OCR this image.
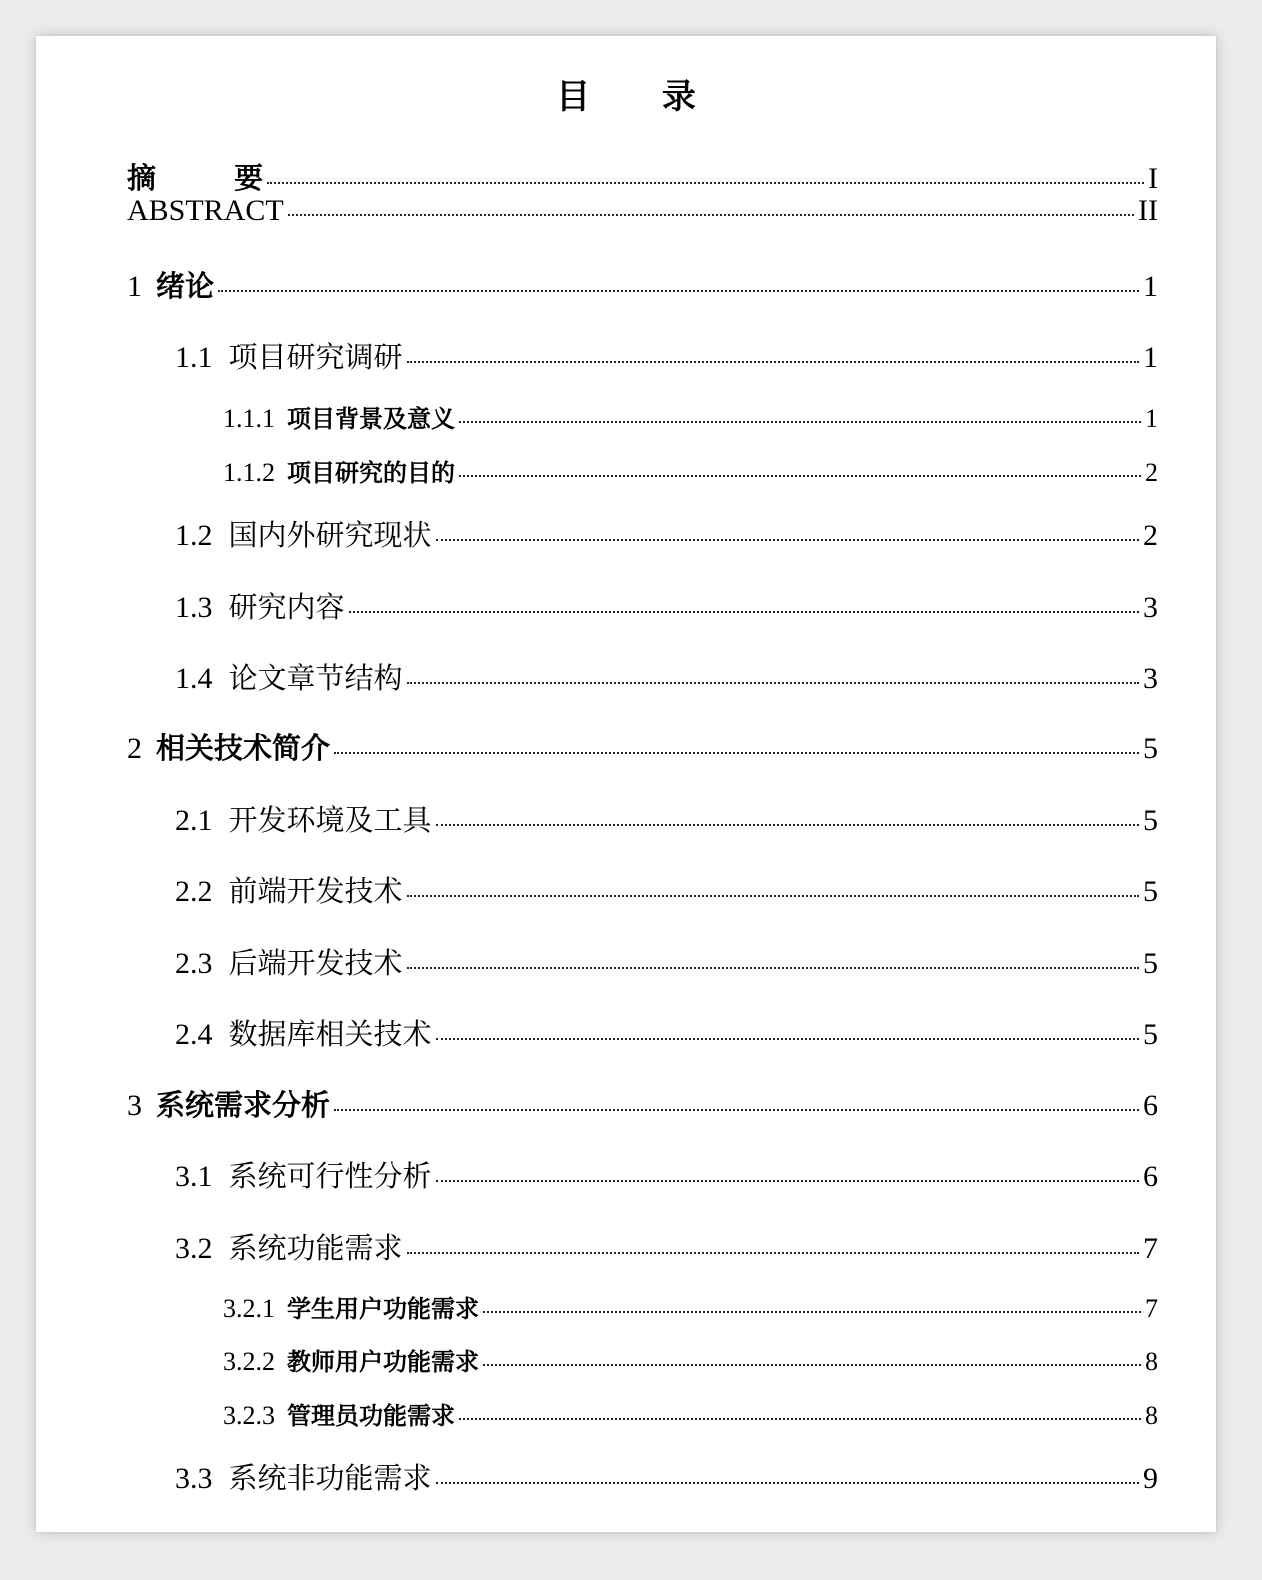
目 录
摘 要	I
ABSTRACT	II
1 绪论	1
1.1 项目研究调研	1
1.1.1 项目背景及意义	1
1.1.2 项目研究的目的	2
1.2 国内外研究现状	2
1.3 研究内容	3
1.4 论文章节结构	3
2 相关技术简介	5
2.1 开发环境及工具	5
2.2 前端开发技术	5
2.3 后端开发技术	5
2.4 数据库相关技术	5
3 系统需求分析	6
3.1 系统可行性分析	6
3.2 系统功能需求	7
3.2.1 学生用户功能需求	7
3.2.2 教师用户功能需求	8
3.2.3 管理员功能需求	8
3.3 系统非功能需求	9
